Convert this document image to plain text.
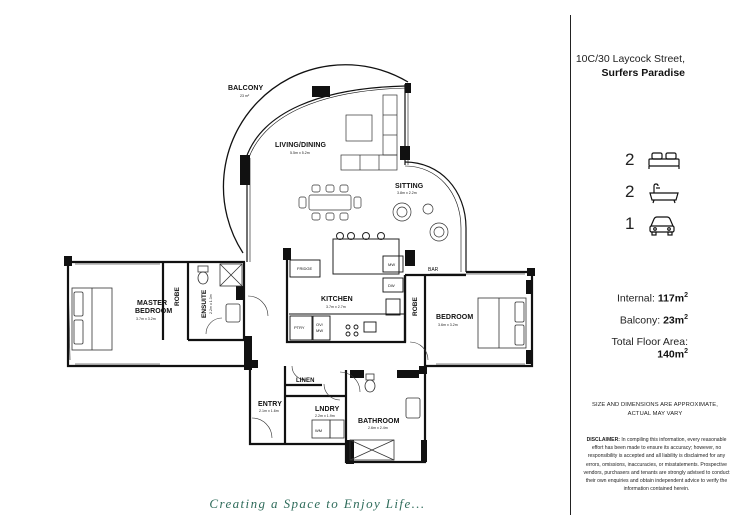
BALCONY
23 m²
LIVING/DINING
5.5m x 5.2m
SITTING
3.8m x 2.2m
MASTER
BEDROOM
3.7m x 3.2m
ROBE	ENSUITE 2.2m x 1.3m	KITCHEN
3.7m x 2.7m
FRIDGE
MW
DW
PTRY
OV/
MW
BAR
ROBE
BEDROOM
3.6m x 3.2m
LINEN
ENTRY
2.1m x 1.6m	LNDRY
2.2m x 1.9m
WM
BATHROOM
2.6m x 2.4m
10C/30 Laycock Street,
Surfers Paradise
2
2
1
Internal: $117m^2$
Balcony: $23m^2$
Total Floor Area: $140m^2$
SIZE AND DIMENSIONS ARE APPROXIMATE, ACTUAL MAY VARY
DISCLAIMER: In compiling this information, every reasonable effort has been made to ensure its accuracy; however, no responsibility is accepted and all liability is disclaimed for any errors, omissions, inaccuracies, or misstatements. Prospective vendors, purchasers and tenants are strongly advised to conduct their own enquiries and obtain independent advice to verify the information contained herein.
Creating a Space to Enjoy Life...
